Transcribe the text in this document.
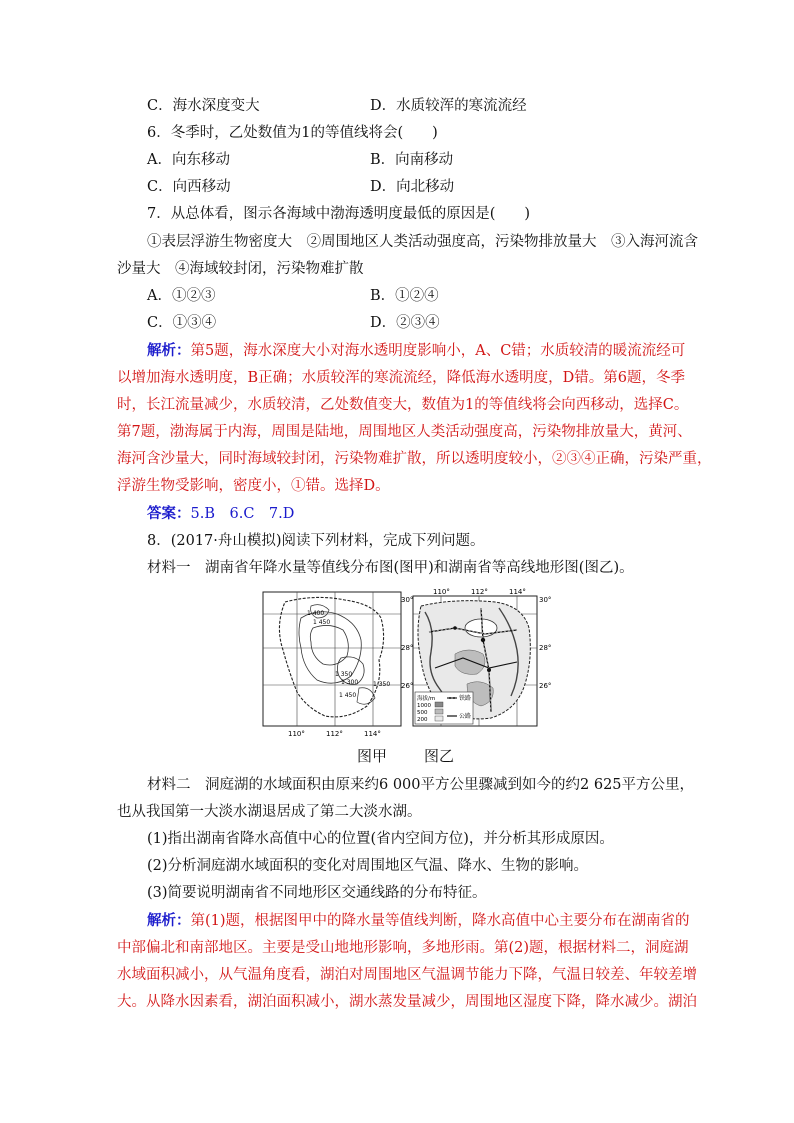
C．海水深度变大	D．水质较浑的寒流流经
6．冬季时，乙处数值为1的等值线将会(　　)
A．向东移动	B．向南移动
C．向西移动	D．向北移动
7．从总体看，图示各海域中渤海透明度最低的原因是(　　)
①表层浮游生物密度大　②周围地区人类活动强度高，污染物排放量大　③入海河流含
沙量大　④海域较封闭，污染物难扩散
A．①②③	B．①②④
C．①③④	D．②③④
解析：第5题，海水深度大小对海水透明度影响小，A、C错；水质较清的暖流流经可
以增加海水透明度，B正确；水质较浑的寒流流经，降低海水透明度，D错。第6题，冬季
时，长江流量减少，水质较清，乙处数值变大，数值为1的等值线将会向西移动，选择C。
第7题，渤海属于内海，周围是陆地，周围地区人类活动强度高，污染物排放量大，黄河、
海河含沙量大，同时海域较封闭，污染物难扩散，所以透明度较小，②③④正确，污染严重，
浮游生物受影响，密度小，①错。选择D。
答案：5.B　6.C　7.D
8．(2017·舟山模拟)阅读下列材料，完成下列问题。
材料一　湖南省年降水量等值线分布图(图甲)和湖南省等高线地形图(图乙)。
1 400
1 450
1 350
1 300
1 450
1 350
110°	112°	114°
110°	112°	114°
30°
28°
26°
30°
28°
26°
海拔/m
1000
500
200
铁路
公路
图甲 图乙
材料二　洞庭湖的水域面积由原来约6 000平方公里骤减到如今的约2 625平方公里，
也从我国第一大淡水湖退居成了第二大淡水湖。
(1)指出湖南省降水高值中心的位置(省内空间方位)，并分析其形成原因。
(2)分析洞庭湖水域面积的变化对周围地区气温、降水、生物的影响。
(3)简要说明湖南省不同地形区交通线路的分布特征。
解析：第(1)题，根据图甲中的降水量等值线判断，降水高值中心主要分布在湖南省的
中部偏北和南部地区。主要是受山地地形影响，多地形雨。第(2)题，根据材料二，洞庭湖
水域面积减小，从气温角度看，湖泊对周围地区气温调节能力下降，气温日较差、年较差增
大。从降水因素看，湖泊面积减小，湖水蒸发量减少，周围地区湿度下降，降水减少。湖泊
